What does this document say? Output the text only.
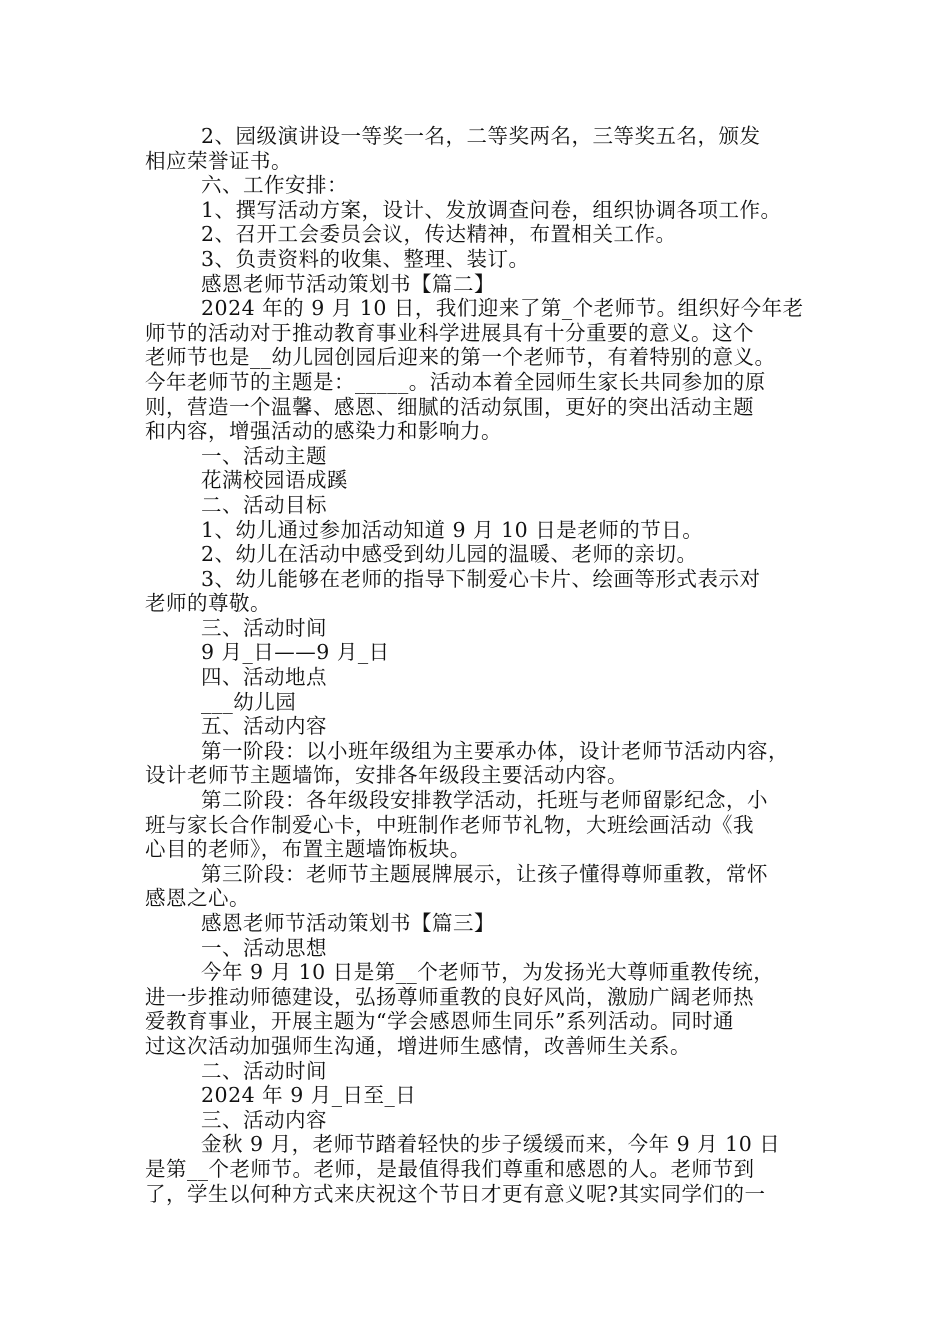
2、园级演讲设一等奖一名，二等奖两名，三等奖五名，颁发
相应荣誉证书。
六、工作安排：
1、撰写活动方案，设计、发放调查问卷，组织协调各项工作。
2、召开工会委员会议，传达精神，布置相关工作。
3、负责资料的收集、整理、装订。
感恩老师节活动策划书【篇二】
2024 年的 9 月 10 日，我们迎来了第_个老师节。组织好今年老
师节的活动对于推动教育事业科学进展具有十分重要的意义。这个
老师节也是__幼儿园创园后迎来的第一个老师节，有着特别的意义。
今年老师节的主题是：_____。活动本着全园师生家长共同参加的原
则，营造一个温馨、感恩、细腻的活动氛围，更好的突出活动主题
和内容，增强活动的感染力和影响力。
一、活动主题
花满校园语成蹊
二、活动目标
1、幼儿通过参加活动知道 9 月 10 日是老师的节日。
2、幼儿在活动中感受到幼儿园的温暖、老师的亲切。
3、幼儿能够在老师的指导下制爱心卡片、绘画等形式表示对
老师的尊敬。
三、活动时间
9 月_日——9 月_日
四、活动地点
___幼儿园
五、活动内容
第一阶段：以小班年级组为主要承办体，设计老师节活动内容，
设计老师节主题墙饰，安排各年级段主要活动内容。
第二阶段：各年级段安排教学活动，托班与老师留影纪念，小
班与家长合作制爱心卡，中班制作老师节礼物，大班绘画活动《我
心目的老师》，布置主题墙饰板块。
第三阶段：老师节主题展牌展示，让孩子懂得尊师重教，常怀
感恩之心。
感恩老师节活动策划书【篇三】
一、活动思想
今年 9 月 10 日是第__个老师节，为发扬光大尊师重教传统，
进一步推动师德建设，弘扬尊师重教的良好风尚，激励广阔老师热
爱教育事业，开展主题为“学会感恩师生同乐”系列活动。同时通
过这次活动加强师生沟通，增进师生感情，改善师生关系。
二、活动时间
2024 年 9 月_日至_日
三、活动内容
金秋 9 月，老师节踏着轻快的步子缓缓而来，今年 9 月 10 日
是第__个老师节。老师，是最值得我们尊重和感恩的人。老师节到
了，学生以何种方式来庆祝这个节日才更有意义呢?其实同学们的一
